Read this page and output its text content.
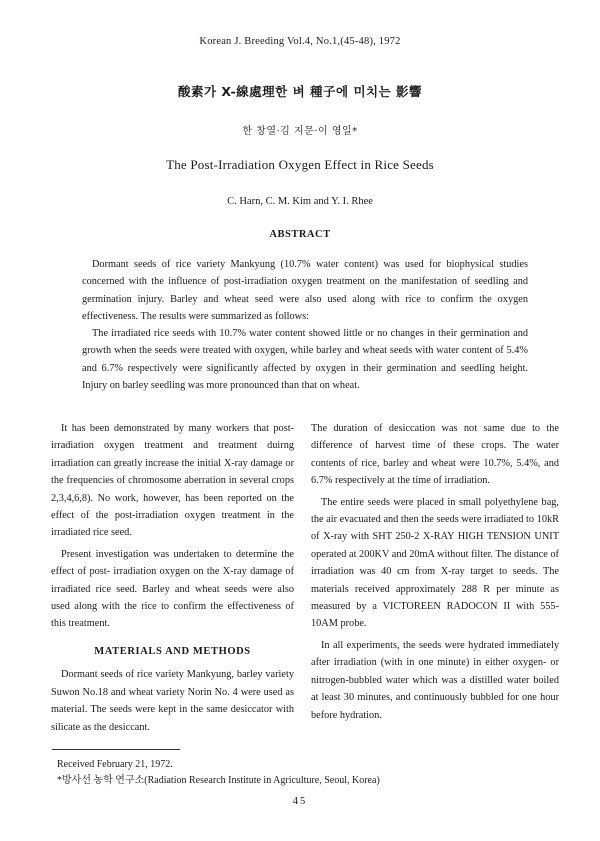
Korean J. Breeding Vol.4, No.1,(45-48), 1972
酸素가 X-線處理한 벼 種子에 미치는 影響
한 창열·김 지문·이 영일*
The Post-Irradiation Oxygen Effect in Rice Seeds
C. Harn, C. M. Kim and Y. I. Rhee
ABSTRACT

Dormant seeds of rice variety Mankyung (10.7% water content) was used for biophysical studies concerned with the influence of post-irradiation oxygen treatment on the manifestation of seedling and germination injury. Barley and wheat seed were also used along with rice to confirm the oxygen effectiveness. The results were summarized as follows:

The irradiated rice seeds with 10.7% water content showed little or no changes in their germination and growth when the seeds were treated with oxygen, while barley and wheat seeds with water content of 5.4% and 6.7% respectively were significantly affected by oxygen in their germination and seedling height. Injury on barley seedling was more pronounced than that on wheat.

It has been demonstrated by many workers that post-irradiation oxygen treatment and treatment duirng irradiation can greatly increase the initial X-ray damage or the frequencies of chromosome aberration in several crops 2,3,4,6,8). No work, however, has been reported on the effect of the post-irradiation oxygen treatment in the irradiated rice seed.

Present investigation was undertaken to determine the effect of post- irradiation oxygen on the X-ray damage of irradiated rice seed. Barley and wheat seeds were also used along with the rice to confirm the effectiveness of this treatment.

MATERIALS AND METHODS

Dormant seeds of rice variety Mankyung, barley variety Suwon No.18 and wheat variety Norin No. 4 were used as material. The seeds were kept in the same desiccator with silicate as the desiccant.

The duration of desiccation was not same due to the difference of harvest time of these crops. The water contents of rice, barley and wheat were 10.7%, 5.4%, and 6.7% respectively at the time of irradiation.

The entire seeds were placed in small polyethylene bag, the air evacuated and then the seeds were irradiated to 10kR of X-ray with SHT 250-2 X-RAY HIGH TENSION UNIT operated at 200KV and 20mA without filter. The distance of irradiation was 40 cm from X-ray target to seeds. The materials received approximately 288 R per minute as measured by a VICTOREEN RADOCON II with 555-10AM probe.

In all experiments, the seeds were hydrated immediately after irradiation (with in one minute) in either oxygen- or nitrogen-bubbled water which was a distilled water boiled at least 30 minutes, and continuously bubbled for one hour before hydration.

Received February 21, 1972.
*방사선 농학 연구소(Radiation Research Institute in Agriculture, Seoul, Korea)
45
